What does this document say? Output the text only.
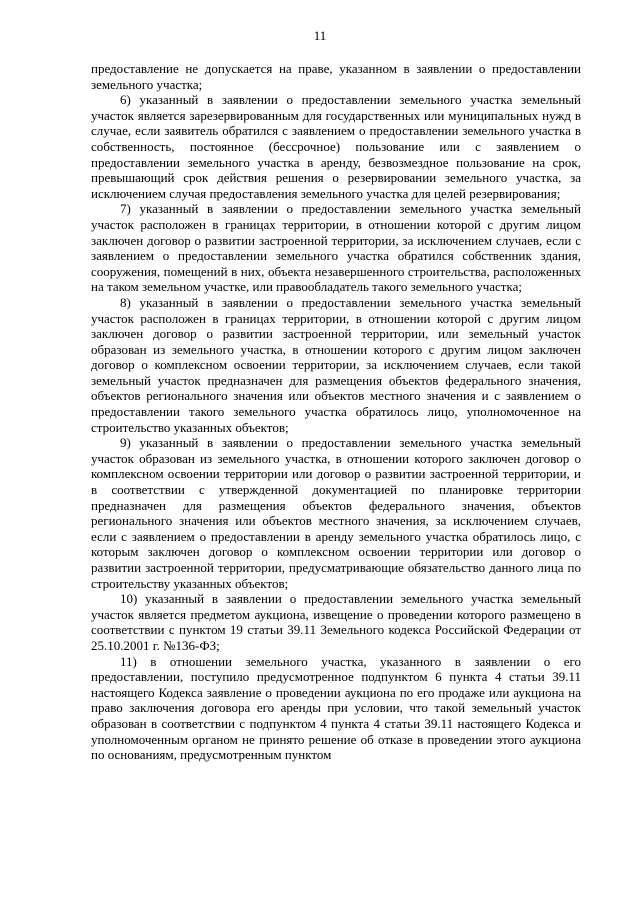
11

предоставление не допускается на праве, указанном в заявлении о предоставлении земельного участка;

6) указанный в заявлении о предоставлении земельного участка земельный участок является зарезервированным для государственных или муниципальных нужд в случае, если заявитель обратился с заявлением о предоставлении земельного участка в собственность, постоянное (бессрочное) пользование или с заявлением о предоставлении земельного участка в аренду, безвозмездное пользование на срок, превышающий срок действия решения о резервировании земельного участка, за исключением случая предоставления земельного участка для целей резервирования;

7) указанный в заявлении о предоставлении земельного участка земельный участок расположен в границах территории, в отношении которой с другим лицом заключен договор о развитии застроенной территории, за исключением случаев, если с заявлением о предоставлении земельного участка обратился собственник здания, сооружения, помещений в них, объекта незавершенного строительства, расположенных на таком земельном участке, или правообладатель такого земельного участка;

8) указанный в заявлении о предоставлении земельного участка земельный участок расположен в границах территории, в отношении которой с другим лицом заключен договор о развитии застроенной территории, или земельный участок образован из земельного участка, в отношении которого с другим лицом заключен договор о комплексном освоении территории, за исключением случаев, если такой земельный участок предназначен для размещения объектов федерального значения, объектов регионального значения или объектов местного значения и с заявлением о предоставлении такого земельного участка обратилось лицо, уполномоченное на строительство указанных объектов;

9) указанный в заявлении о предоставлении земельного участка земельный участок образован из земельного участка, в отношении которого заключен договор о комплексном освоении территории или договор о развитии застроенной территории, и в соответствии с утвержденной документацией по планировке территории предназначен для размещения объектов федерального значения, объектов регионального значения или объектов местного значения, за исключением случаев, если с заявлением о предоставлении в аренду земельного участка обратилось лицо, с которым заключен договор о комплексном освоении территории или договор о развитии застроенной территории, предусматривающие обязательство данного лица по строительству указанных объектов;

10) указанный в заявлении о предоставлении земельного участка земельный участок является предметом аукциона, извещение о проведении которого размещено в соответствии с пунктом 19 статьи 39.11 Земельного кодекса Российской Федерации от 25.10.2001 г. №136-ФЗ;

11) в отношении земельного участка, указанного в заявлении о его предоставлении, поступило предусмотренное подпунктом 6 пункта 4 статьи 39.11 настоящего Кодекса заявление о проведении аукциона по его продаже или аукциона на право заключения договора его аренды при условии, что такой земельный участок образован в соответствии с подпунктом 4 пункта 4 статьи 39.11 настоящего Кодекса и уполномоченным органом не принято решение об отказе в проведении этого аукциона по основаниям, предусмотренным пунктом
